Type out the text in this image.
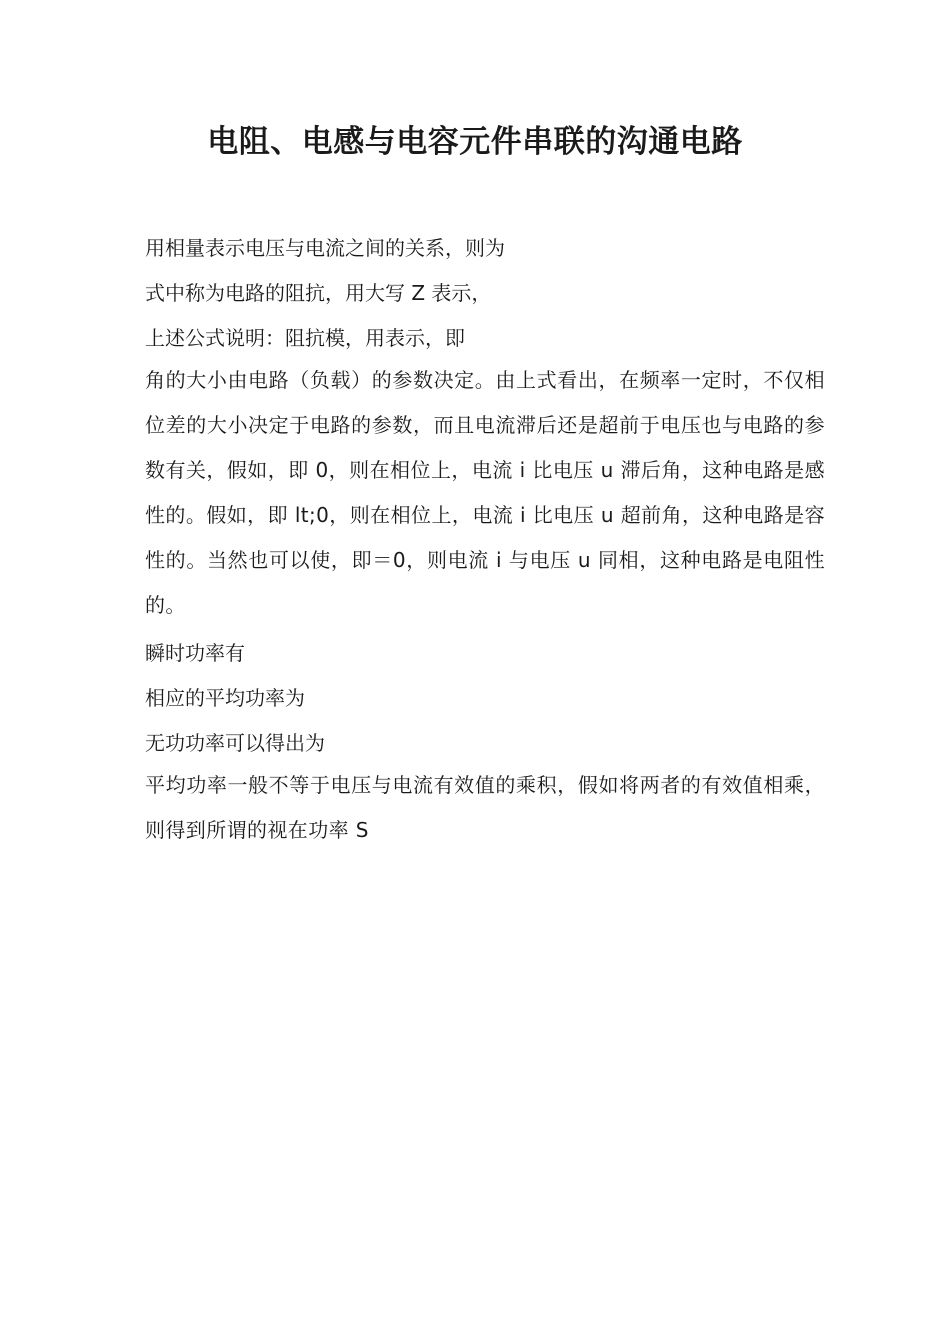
电阻、电感与电容元件串联的沟通电路

用相量表示电压与电流之间的关系，则为

式中称为电路的阻抗，用大写 Z 表示，

上述公式说明：阻抗模，用表示，即

角的大小由电路（负载）的参数决定。由上式看出，在频率一定时，不仅相位差的大小决定于电路的参数，而且电流滞后还是超前于电压也与电路的参数有关，假如，即 0，则在相位上，电流 i 比电压 u 滞后角，这种电路是感性的。假如，即 lt;0，则在相位上，电流 i 比电压 u 超前角，这种电路是容性的。当然也可以使，即＝0，则电流 i 与电压 u 同相，这种电路是电阻性的。

瞬时功率有

相应的平均功率为

无功功率可以得出为

平均功率一般不等于电压与电流有效值的乘积，假如将两者的有效值相乘，则得到所谓的视在功率 S
